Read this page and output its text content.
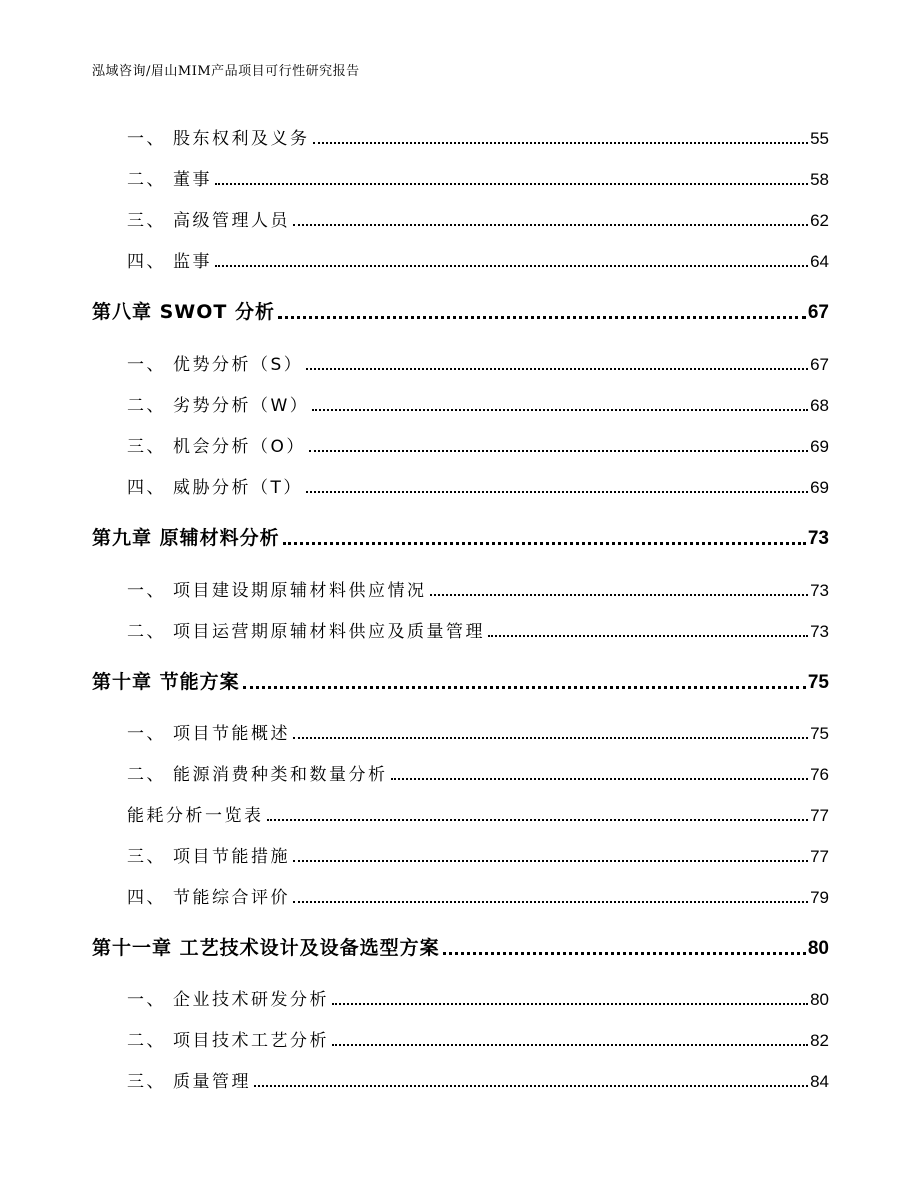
泓域咨询/眉山MIM产品项目可行性研究报告
一、 股东权利及义务	55
二、 董事	58
三、 高级管理人员	62
四、 监事	64
第八章 SWOT 分析	67
一、 优势分析（S）	67
二、 劣势分析（W）	68
三、 机会分析（O）	69
四、 威胁分析（T）	69
第九章 原辅材料分析	73
一、 项目建设期原辅材料供应情况	73
二、 项目运营期原辅材料供应及质量管理	73
第十章 节能方案	75
一、 项目节能概述	75
二、 能源消费种类和数量分析	76
能耗分析一览表	77
三、 项目节能措施	77
四、 节能综合评价	79
第十一章 工艺技术设计及设备选型方案	80
一、 企业技术研发分析	80
二、 项目技术工艺分析	82
三、 质量管理	84
